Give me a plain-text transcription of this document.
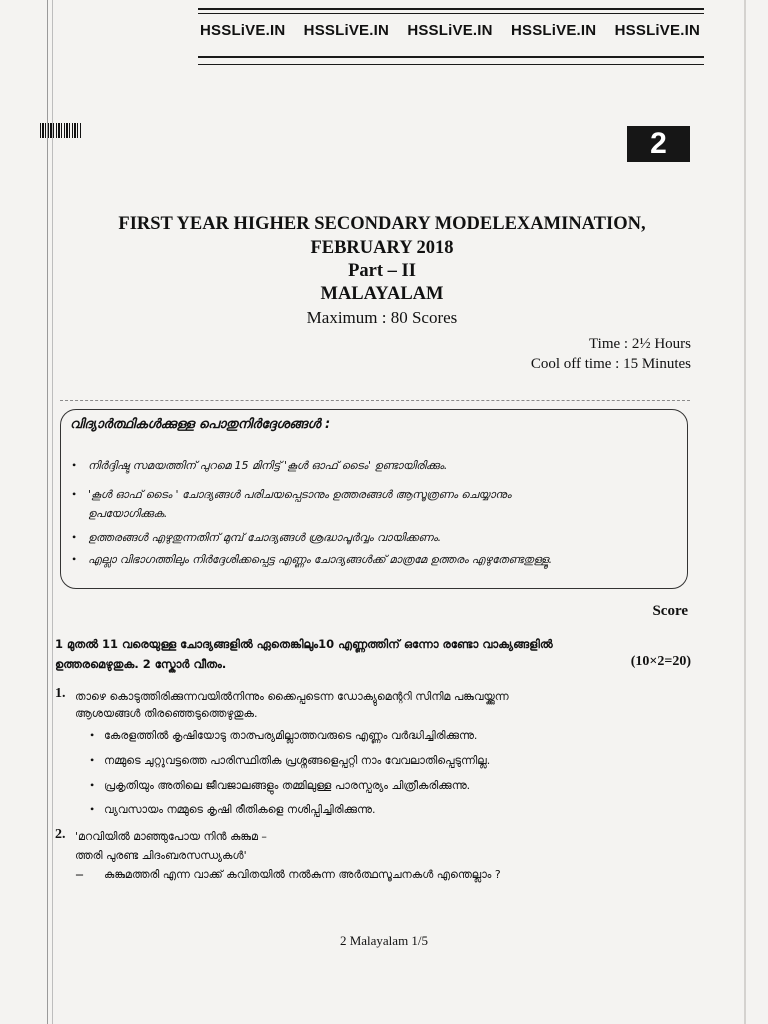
HSSLiVE.IN HSSLiVE.IN HSSLiVE.IN HSSLiVE.IN HSSLiVE.IN
2
FIRST YEAR HIGHER SECONDARY MODELEXAMINATION,
FEBRUARY 2018
Part – II
MALAYALAM
Maximum : 80 Scores
Time : 2½ Hours
Cool off time : 15 Minutes
വിദ്യാർത്ഥികൾക്കുള്ള പൊതുനിർദ്ദേശങ്ങൾ :
• നിർദ്ദിഷ്ട സമയത്തിന് പുറമെ 15 മിനിട്ട് 'കൂൾ ഓഫ് ടൈം' ഉണ്ടായിരിക്കും.
• 'കൂൾ ഓഫ് ടൈം ' ചോദ്യങ്ങൾ പരിചയപ്പെടാനും ഉത്തരങ്ങൾ ആസൂത്രണം ചെയ്യാനും ഉപയോഗിക്കുക.
• ഉത്തരങ്ങൾ എഴുതുന്നതിന് മുമ്പ് ചോദ്യങ്ങൾ ശ്രദ്ധാപൂർവ്വം വായിക്കണം.
• എല്ലാ വിഭാഗത്തിലും നിർദ്ദേശിക്കപ്പെട്ട എണ്ണം ചോദ്യങ്ങൾക്ക് മാത്രമേ ഉത്തരം എഴുതേണ്ടതുള്ളൂ.
Score
1 മുതൽ 11 വരെയുള്ള ചോദ്യങ്ങളിൽ ഏതെങ്കിലും10 എണ്ണത്തിന് ഒന്നോ രണ്ടോ വാക്യങ്ങളിൽ
ഉത്തരമെഴുതുക. 2 സ്കോർ വീതം.	(10×2=20)
1. താഴെ കൊടുത്തിരിക്കുന്നവയിൽനിന്നും ക്കൈപ്പടെന്ന ഡോക്യുമെന്ററി സിനിമ പങ്കുവയ്ക്കുന്ന
ആശയങ്ങൾ തിരഞ്ഞെടുത്തെഴുതുക.
• കേരളത്തിൽ കൃഷിയോടു താത്പര്യമില്ലാത്തവരുടെ എണ്ണം വർദ്ധിച്ചിരിക്കുന്നു.
• നമ്മുടെ ചുറ്റുവട്ടത്തെ പാരിസ്ഥിതിക പ്രശ്നങ്ങളെപ്പറ്റി നാം വേവലാതിപ്പെടുന്നില്ല.
• പ്രകൃതിയും അതിലെ ജീവജാലങ്ങളും തമ്മിലുള്ള പാരസ്പര്യം ചിത്രീകരിക്കുന്നു.
• വ്യവസായം നമ്മുടെ കൃഷി രീതികളെ നശിപ്പിച്ചിരിക്കുന്നു.
2. 'മറവിയിൽ മാഞ്ഞുപോയ നിൻ കുങ്കുമ –
ത്തരി പുരണ്ട ചിദംബരസന്ധ്യകൾ'
– കുങ്കുമത്തരി എന്ന വാക്ക് കവിതയിൽ നൽകുന്ന അർത്ഥസൂചനകൾ എന്തെല്ലാം ?
2 Malayalam 1/5
